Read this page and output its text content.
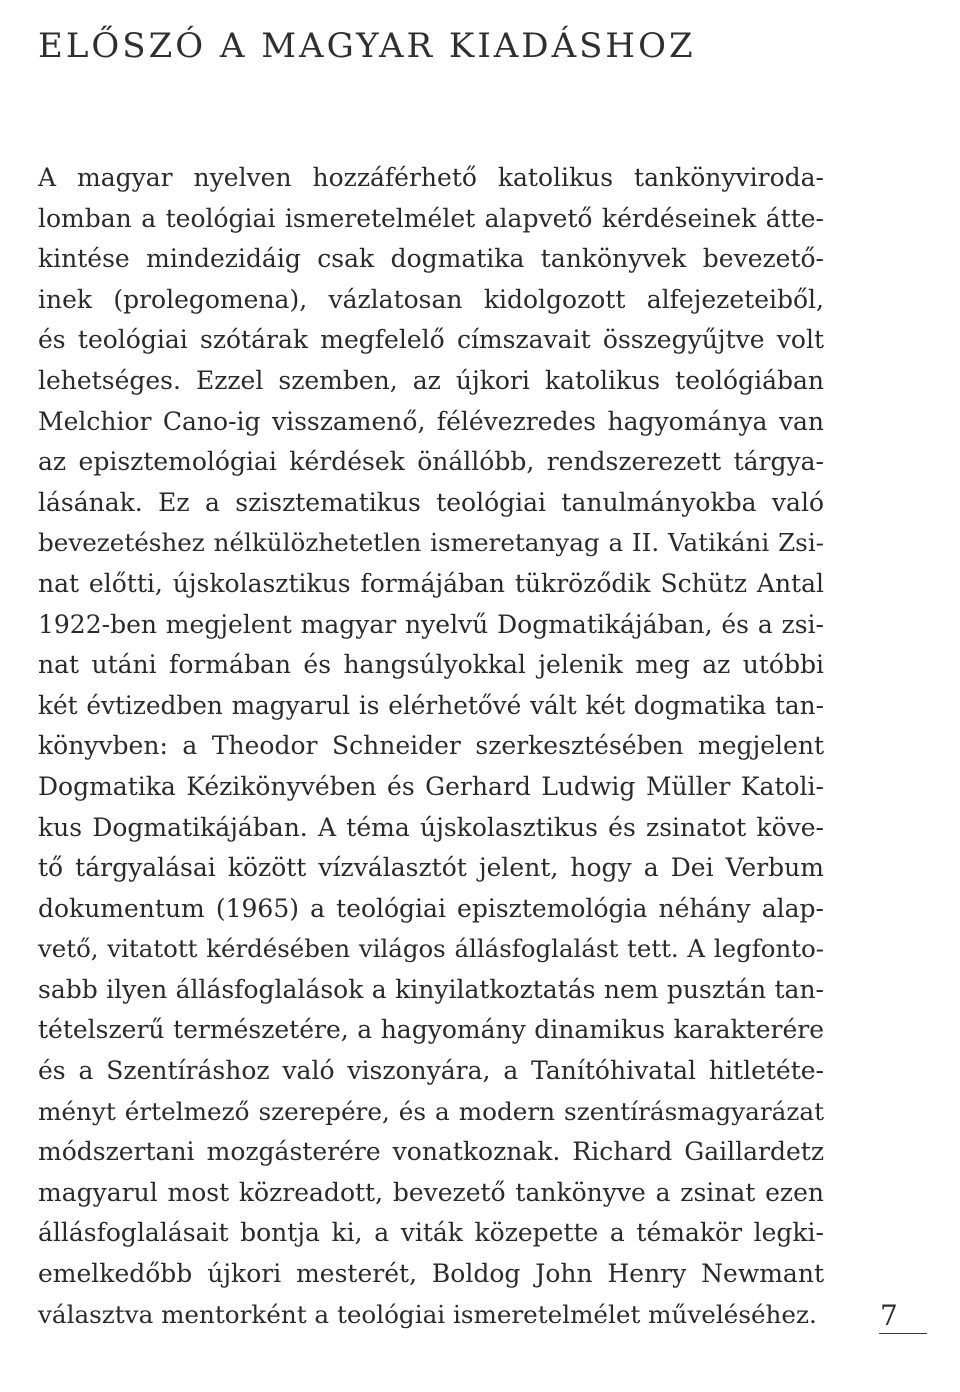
ELŐSZÓ A MAGYAR KIADÁSHOZ
A magyar nyelven hozzáférhető katolikus tankönyviroda-
lomban a teológiai ismeretelmélet alapvető kérdéseinek átte-
kintése mindezidáig csak dogmatika tankönyvek bevezető-
inek (prolegomena), vázlatosan kidolgozott alfejezeteiből,
és teológiai szótárak megfelelő címszavait összegyűjtve volt
lehetséges. Ezzel szemben, az újkori katolikus teológiában
Melchior Cano-ig visszamenő, félévezredes hagyománya van
az episztemológiai kérdések önállóbb, rendszerezett tárgya-
lásának. Ez a szisztematikus teológiai tanulmányokba való
bevezetéshez nélkülözhetetlen ismeretanyag a II. Vatikáni Zsi-
nat előtti, újskolasztikus formájában tükröződik Schütz Antal
1922-ben megjelent magyar nyelvű Dogmatikájában, és a zsi-
nat utáni formában és hangsúlyokkal jelenik meg az utóbbi
két évtizedben magyarul is elérhetővé vált két dogmatika tan-
könyvben: a Theodor Schneider szerkesztésében megjelent
Dogmatika Kézikönyvében és Gerhard Ludwig Müller Katoli-
kus Dogmatikájában. A téma újskolasztikus és zsinatot köve-
tő tárgyalásai között vízválasztót jelent, hogy a Dei Verbum
dokumentum (1965) a teológiai episztemológia néhány alap-
vető, vitatott kérdésében világos állásfoglalást tett. A legfonto-
sabb ilyen állásfoglalások a kinyilatkoztatás nem pusztán tan-
tételszerű természetére, a hagyomány dinamikus karakterére
és a Szentíráshoz való viszonyára, a Tanítóhivatal hitletéte-
ményt értelmező szerepére, és a modern szentírásmagyarázat
módszertani mozgásterére vonatkoznak. Richard Gaillardetz
magyarul most közreadott, bevezető tankönyve a zsinat ezen
állásfoglalásait bontja ki, a viták közepette a témakör legki-
emelkedőbb újkori mesterét, Boldog John Henry Newmant
választva mentorként a teológiai ismeretelmélet műveléséhez. 7
